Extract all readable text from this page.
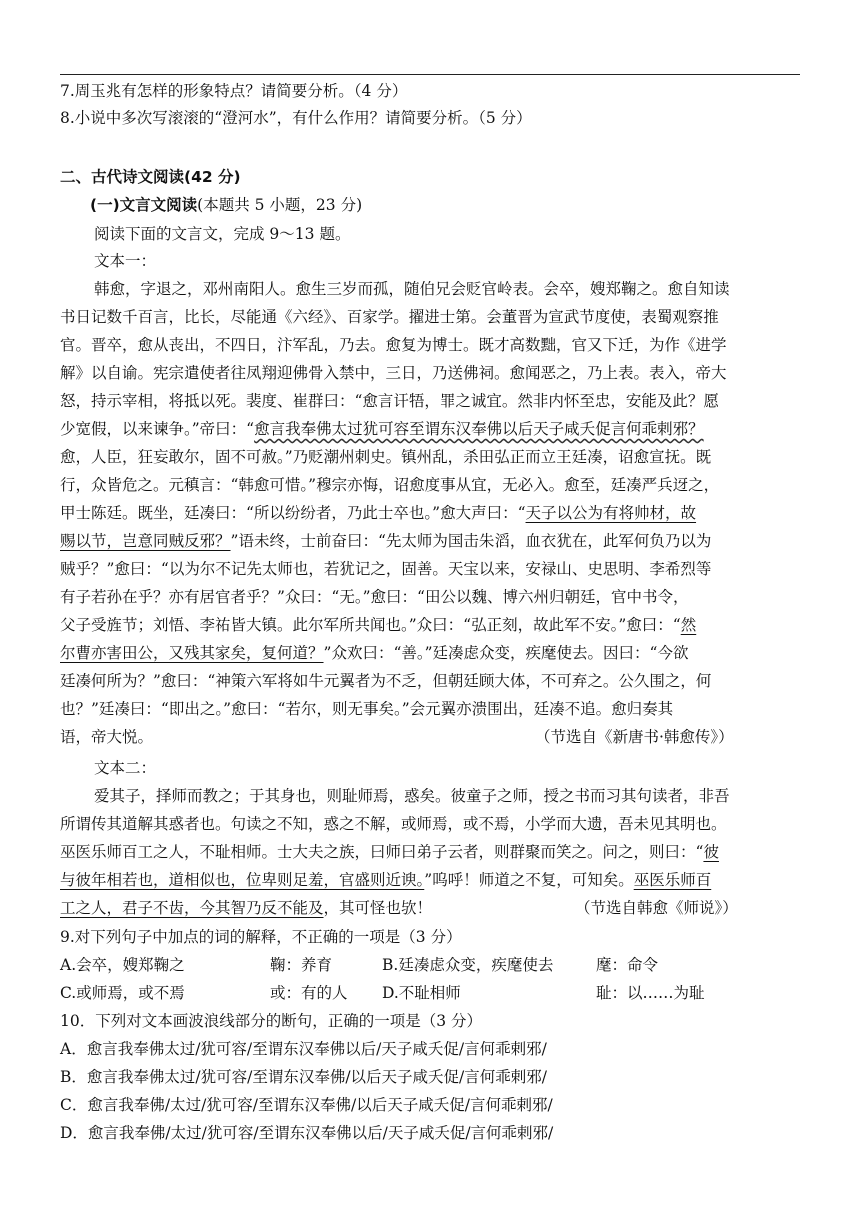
7.周玉兆有怎样的形象特点？请简要分析。（4 分）
8.小说中多次写滚滚的“澄河水”，有什么作用？请简要分析。（5 分）
二、古代诗文阅读(42 分)
(一)文言文阅读(本题共 5 小题，23 分)
阅读下面的文言文，完成 9～13 题。
文本一：
韩愈，字退之，邓州南阳人。愈生三岁而孤，随伯兄会贬官岭表。会卒，嫂郑鞠之。愈自知读
书日记数千百言，比长，尽能通《六经》、百家学。擢进士第。会董晋为宣武节度使，表蜀观察推
官。晋卒，愈从丧出，不四日，汴军乱，乃去。愈复为博士。既才高数黜，官又下迁，为作《进学
解》以自谕。宪宗遣使者往凤翔迎佛骨入禁中，三日，乃送佛祠。愈闻恶之，乃上表。表入，帝大
怒，持示宰相，将抵以死。裴度、崔群曰：“愈言讦牾，罪之诚宜。然非内怀至忠，安能及此？愿
少宽假，以来谏争。”帝曰：“愈言我奉佛太过犹可容至谓东汉奉佛以后天子咸夭促言何乖剌邪？
愈，人臣，狂妄敢尔，固不可赦。”乃贬潮州刺史。镇州乱，杀田弘正而立王廷凑，诏愈宣抚。既
行，众皆危之。元稹言：“韩愈可惜。”穆宗亦悔，诏愈度事从宜，无必入。愈至，廷凑严兵迓之，
甲士陈廷。既坐，廷凑曰：“所以纷纷者，乃此士卒也。”愈大声曰：“天子以公为有将帅材，故
赐以节，岂意同贼反邪？”语未终，士前奋曰：“先太师为国击朱滔，血衣犹在，此军何负乃以为
贼乎？”愈曰：“以为尔不记先太师也，若犹记之，固善。天宝以来，安禄山、史思明、李希烈等
有子若孙在乎？亦有居官者乎？”众曰：“无。”愈曰：“田公以魏、博六州归朝廷，官中书令，
父子受旌节；刘悟、李祐皆大镇。此尔军所共闻也。”众曰：“弘正刻，故此军不安。”愈曰：“然
尔曹亦害田公，又残其家矣，复何道？”众欢曰：“善。”廷凑虑众变，疾麾使去。因曰：“今欲
廷凑何所为？”愈曰：“神策六军将如牛元翼者为不乏，但朝廷顾大体，不可弃之。公久围之，何
也？”廷凑曰：“即出之。”愈曰：“若尔，则无事矣。”会元翼亦溃围出，廷凑不追。愈归奏其
语，帝大悦。	（节选自《新唐书·韩愈传》）
文本二：
爱其子，择师而教之；于其身也，则耻师焉，惑矣。彼童子之师，授之书而习其句读者，非吾
所谓传其道解其惑者也。句读之不知，惑之不解，或师焉，或不焉，小学而大遗，吾未见其明也。
巫医乐师百工之人，不耻相师。士大夫之族，曰师曰弟子云者，则群聚而笑之。问之，则曰：“彼
与彼年相若也，道相似也，位卑则足羞，官盛则近谀。”呜呼！师道之不复，可知矣。巫医乐师百
工之人，君子不齿，今其智乃反不能及，其可怪也欤！	（节选自韩愈《师说》）
9.对下列句子中加点的词的解释，不正确的一项是（3 分）
A.会卒，嫂郑鞠之	鞠：养育	B.廷凑虑众变，疾麾使去	麾：命令
C.或师焉，或不焉	或：有的人 D.不耻相师	耻：以……为耻
10．下列对文本画波浪线部分的断句，正确的一项是（3 分）
A．愈言我奉佛太过/犹可容/至谓东汉奉佛以后/天子咸夭促/言何乖剌邪/
B．愈言我奉佛太过/犹可容/至谓东汉奉佛/以后天子咸夭促/言何乖剌邪/
C．愈言我奉佛/太过/犹可容/至谓东汉奉佛/以后天子咸夭促/言何乖剌邪/
D．愈言我奉佛/太过/犹可容/至谓东汉奉佛以后/天子咸夭促/言何乖剌邪/
